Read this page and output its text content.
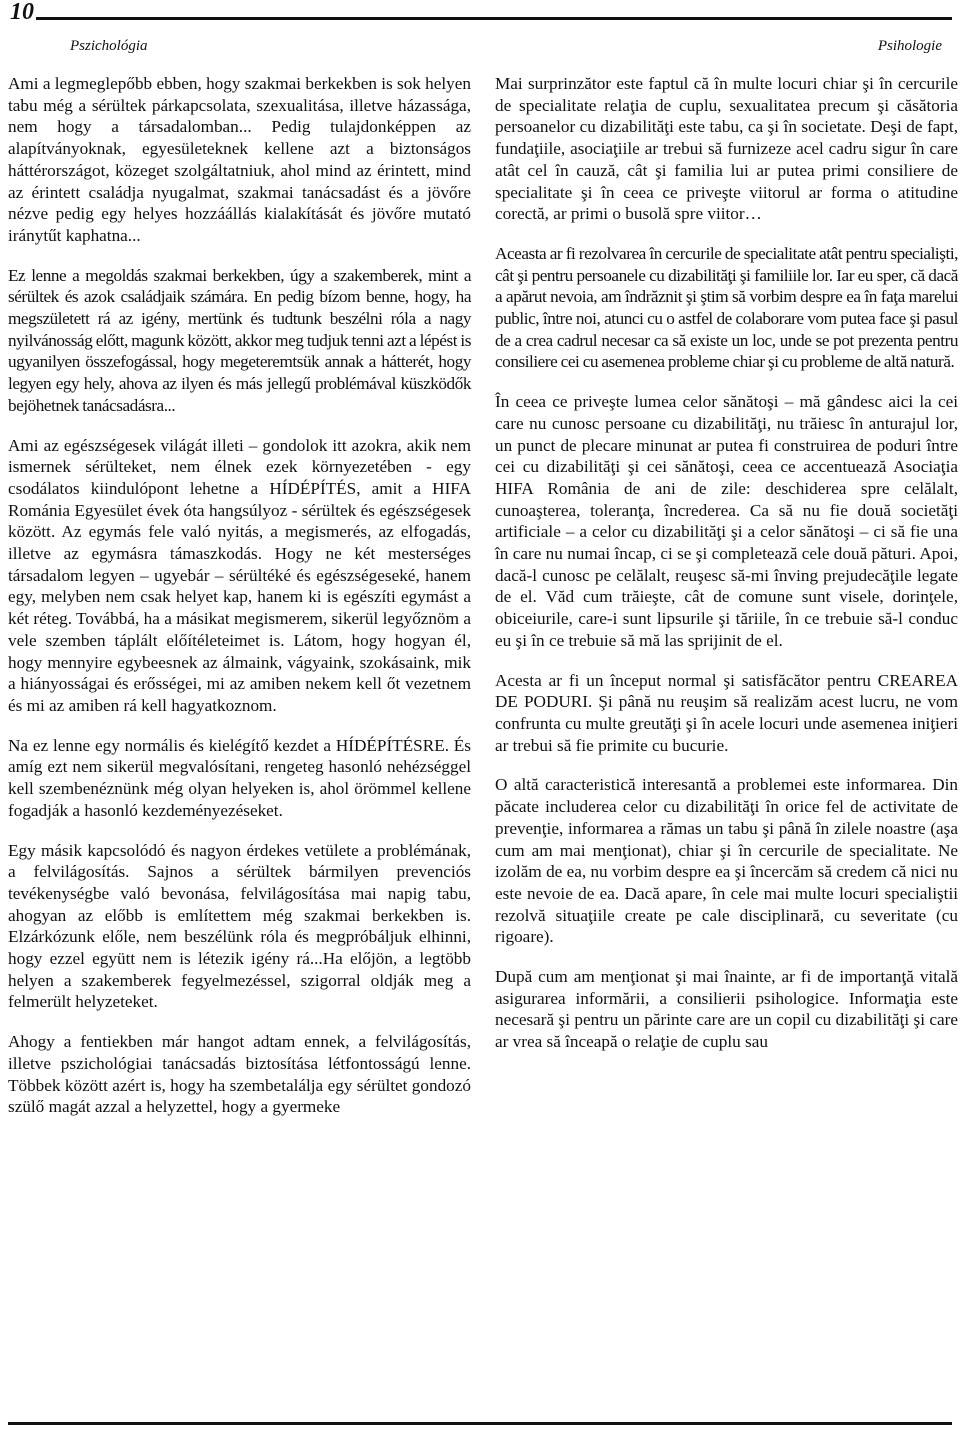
10
Pszichológia	Psihologie

Ami a legmeglepőbb ebben, hogy szakmai berkekben is sok helyen tabu még a sérültek párkapcsolata, szexualitása, illetve házassága, nem hogy a társadalomban... Pedig tulajdonképpen az alapítványoknak, egyesületeknek kellene azt a biztonságos háttérországot, közeget szolgáltatniuk, ahol mind az érintett, mind az érintett családja nyugalmat, szakmai tanácsadást és a jövőre nézve pedig egy helyes hozzáállás kialakítását és jövőre mutató iránytűt kaphatna...

Ez lenne a megoldás szakmai berkekben, úgy a szakemberek, mint a sérültek és azok családjaik számára. En pedig bízom benne, hogy, ha megszületett rá az igény, mertünk és tudtunk beszélni róla a nagy nyilvánosság előtt, magunk között, akkor meg tudjuk tenni azt a lépést is ugyanilyen összefogással, hogy megeteremtsük annak a hátterét, hogy legyen egy hely, ahova az ilyen és más jellegű problémával küszködők bejöhetnek tanácsadásra...

Ami az egészségesek világát illeti – gondolok itt azokra, akik nem ismernek sérülteket, nem élnek ezek környezetében - egy csodálatos kiindulópont lehetne a HÍDÉPÍTÉS, amit a HIFA Románia Egyesület évek óta hangsúlyoz - sérültek és egészségesek között. Az egymás fele való nyitás, a megismerés, az elfogadás, illetve az egymásra támaszkodás. Hogy ne két mesterséges társadalom legyen – ugyebár – sérültéké és egészségeseké, hanem egy, melyben nem csak helyet kap, hanem ki is egészíti egymást a két réteg. Továbbá, ha a másikat megismerem, sikerül legyőznöm a vele szemben táplált előítéleteimet is. Látom, hogy hogyan él, hogy mennyire egybeesnek az álmaink, vágyaink, szokásaink, mik a hiányosságai és erősségei, mi az amiben nekem kell őt vezetnem és mi az amiben rá kell hagyatkoznom.

Na ez lenne egy normális és kielégítő kezdet a HÍDÉPÍTÉSRE. És amíg ezt nem sikerül megvalósítani, rengeteg hasonló nehézséggel kell szembenéznünk még olyan helyeken is, ahol örömmel kellene fogadják a hasonló kezdeményezéseket.

Egy másik kapcsolódó és nagyon érdekes vetülete a problémának, a felvilágosítás. Sajnos a sérültek bármilyen prevenciós tevékenységbe való bevonása, felvilágosítása mai napig tabu, ahogyan az előbb is említettem még szakmai berkekben is. Elzárkózunk előle, nem beszélünk róla és megpróbáljuk elhinni, hogy ezzel együtt nem is létezik igény rá...Ha előjön, a legtöbb helyen a szakemberek fegyelmezéssel, szigorral oldják meg a felmerült helyzeteket.

Ahogy a fentiekben már hangot adtam ennek, a felvilágosítás, illetve pszichológiai tanácsadás biztosítása létfontosságú lenne. Többek között azért is, hogy ha szembetalálja egy sérültet gondozó szülő magát azzal a helyzettel, hogy a gyermeke

Mai surprinzător este faptul că în multe locuri chiar şi în cercurile de specialitate relaţia de cuplu, sexualitatea precum şi căsătoria persoanelor cu dizabilităţi este tabu, ca şi în societate. Deşi de fapt, fundaţiile, asociaţiile ar trebui să furnizeze acel cadru sigur în care atât cel în cauză, cât şi familia lui ar putea primi consiliere de specialitate şi în ceea ce priveşte viitorul ar forma o atitudine corectă, ar primi o busolă spre viitor…

Aceasta ar fi rezolvarea în cercurile de specialitate atât pentru specialişti, cât şi pentru persoanele cu dizabilităţi şi familiile lor. Iar eu sper, că dacă a apărut nevoia, am îndrăznit şi ştim să vorbim despre ea în faţa marelui public, între noi, atunci cu o astfel de colaborare vom putea face şi pasul de a crea cadrul necesar ca să existe un loc, unde se pot prezenta pentru consiliere cei cu asemenea probleme chiar şi cu probleme de altă natură.

În ceea ce priveşte lumea celor sănătoşi – mă gândesc aici la cei care nu cunosc persoane cu dizabilităţi, nu trăiesc în anturajul lor, un punct de plecare minunat ar putea fi construirea de poduri între cei cu dizabilităţi şi cei sănătoşi, ceea ce accentuează Asociaţia HIFA România de ani de zile: deschiderea spre celălalt, cunoaşterea, toleranţa, încrederea. Ca să nu fie două societăţi artificiale – a celor cu dizabilităţi şi a celor sănătoşi – ci să fie una în care nu numai încap, ci se şi completează cele două pături. Apoi, dacă-l cunosc pe celălalt, reuşesc să-mi înving prejudecăţile legate de el. Văd cum trăieşte, cât de comune sunt visele, dorinţele, obiceiurile, care-i sunt lipsurile şi tăriile, în ce trebuie să-l conduc eu şi în ce trebuie să mă las sprijinit de el.

Acesta ar fi un început normal şi satisfăcător pentru CREAREA DE PODURI. Şi până nu reuşim să realizăm acest lucru, ne vom confrunta cu multe greutăţi şi în acele locuri unde asemenea iniţieri ar trebui să fie primite cu bucurie.

O altă caracteristică interesantă a problemei este informarea. Din păcate includerea celor cu dizabilităţi în orice fel de activitate de prevenţie, informarea a rămas un tabu şi până în zilele noastre (aşa cum am mai menţionat), chiar şi în cercurile de specialitate. Ne izolăm de ea, nu vorbim despre ea şi încercăm să credem că nici nu este nevoie de ea. Dacă apare, în cele mai multe locuri specialiştii rezolvă situaţiile create pe cale disciplinară, cu severitate (cu rigoare).

După cum am menţionat şi mai înainte, ar fi de importanţă vitală asigurarea informării, a consilierii psihologice. Informaţia este necesară şi pentru un părinte care are un copil cu dizabilităţi şi care ar vrea să înceapă o relaţie de cuplu sau
